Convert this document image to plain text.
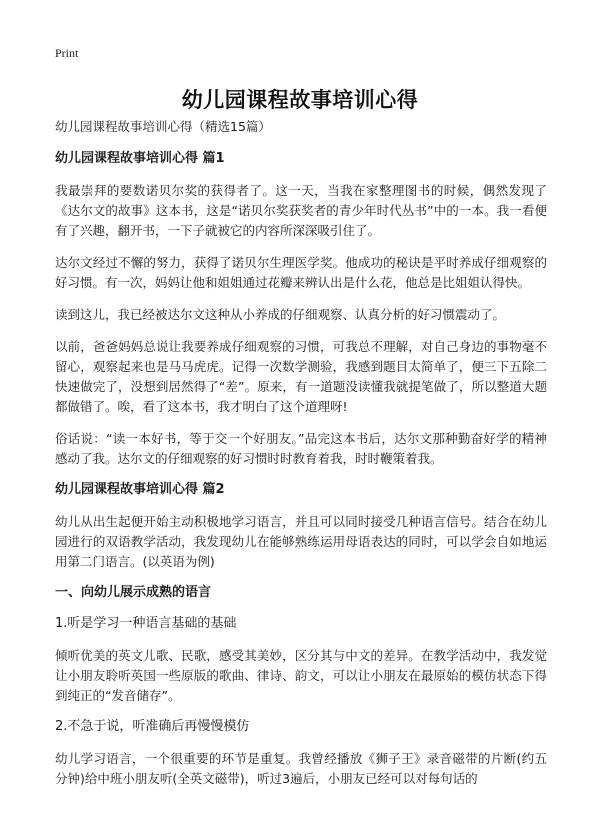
Print
幼儿园课程故事培训心得

幼儿园课程故事培训心得（精选15篇）

幼儿园课程故事培训心得 篇1

我最崇拜的要数诺贝尔奖的获得者了。这一天，当我在家整理图书的时候，偶然发现了《达尔文的故事》这本书，这是“诺贝尔奖获奖者的青少年时代丛书”中的一本。我一看便有了兴趣，翻开书，一下子就被它的内容所深深吸引住了。

达尔文经过不懈的努力，获得了诺贝尔生理医学奖。他成功的秘诀是平时养成仔细观察的好习惯。有一次，妈妈让他和姐姐通过花瓣来辨认出是什么花，他总是比姐姐认得快。

读到这儿，我已经被达尔文这种从小养成的仔细观察、认真分析的好习惯震动了。

以前，爸爸妈妈总说让我要养成仔细观察的习惯，可我总不理解，对自己身边的事物毫不留心，观察起来也是马马虎虎。记得一次数学测验，我感到题目太简单了，便三下五除二快速做完了，没想到居然得了“差”。原来，有一道题没读懂我就提笔做了，所以整道大题都做错了。唉，看了这本书，我才明白了这个道理呀!

俗话说：“读一本好书，等于交一个好朋友。”品完这本书后，达尔文那种勤奋好学的精神感动了我。达尔文的仔细观察的好习惯时时教育着我，时时鞭策着我。

幼儿园课程故事培训心得 篇2

幼儿从出生起便开始主动积极地学习语言，并且可以同时接受几种语言信号。结合在幼儿园进行的双语教学活动，我发现幼儿在能够熟练运用母语表达的同时，可以学会自如地运用第二门语言。(以英语为例)

一、向幼儿展示成熟的语言

1.听是学习一种语言基础的基础

倾听优美的英文儿歌、民歌，感受其美妙，区分其与中文的差异。在教学活动中，我发觉让小朋友聆听英国一些原版的歌曲、律诗、韵文，可以让小朋友在最原始的模仿状态下得到纯正的“发音储存”。

2.不急于说，听准确后再慢慢模仿

幼儿学习语言，一个很重要的环节是重复。我曾经播放《狮子王》录音磁带的片断(约五分钟)给中班小朋友听(全英文磁带)，听过3遍后，小朋友已经可以对每句话的
